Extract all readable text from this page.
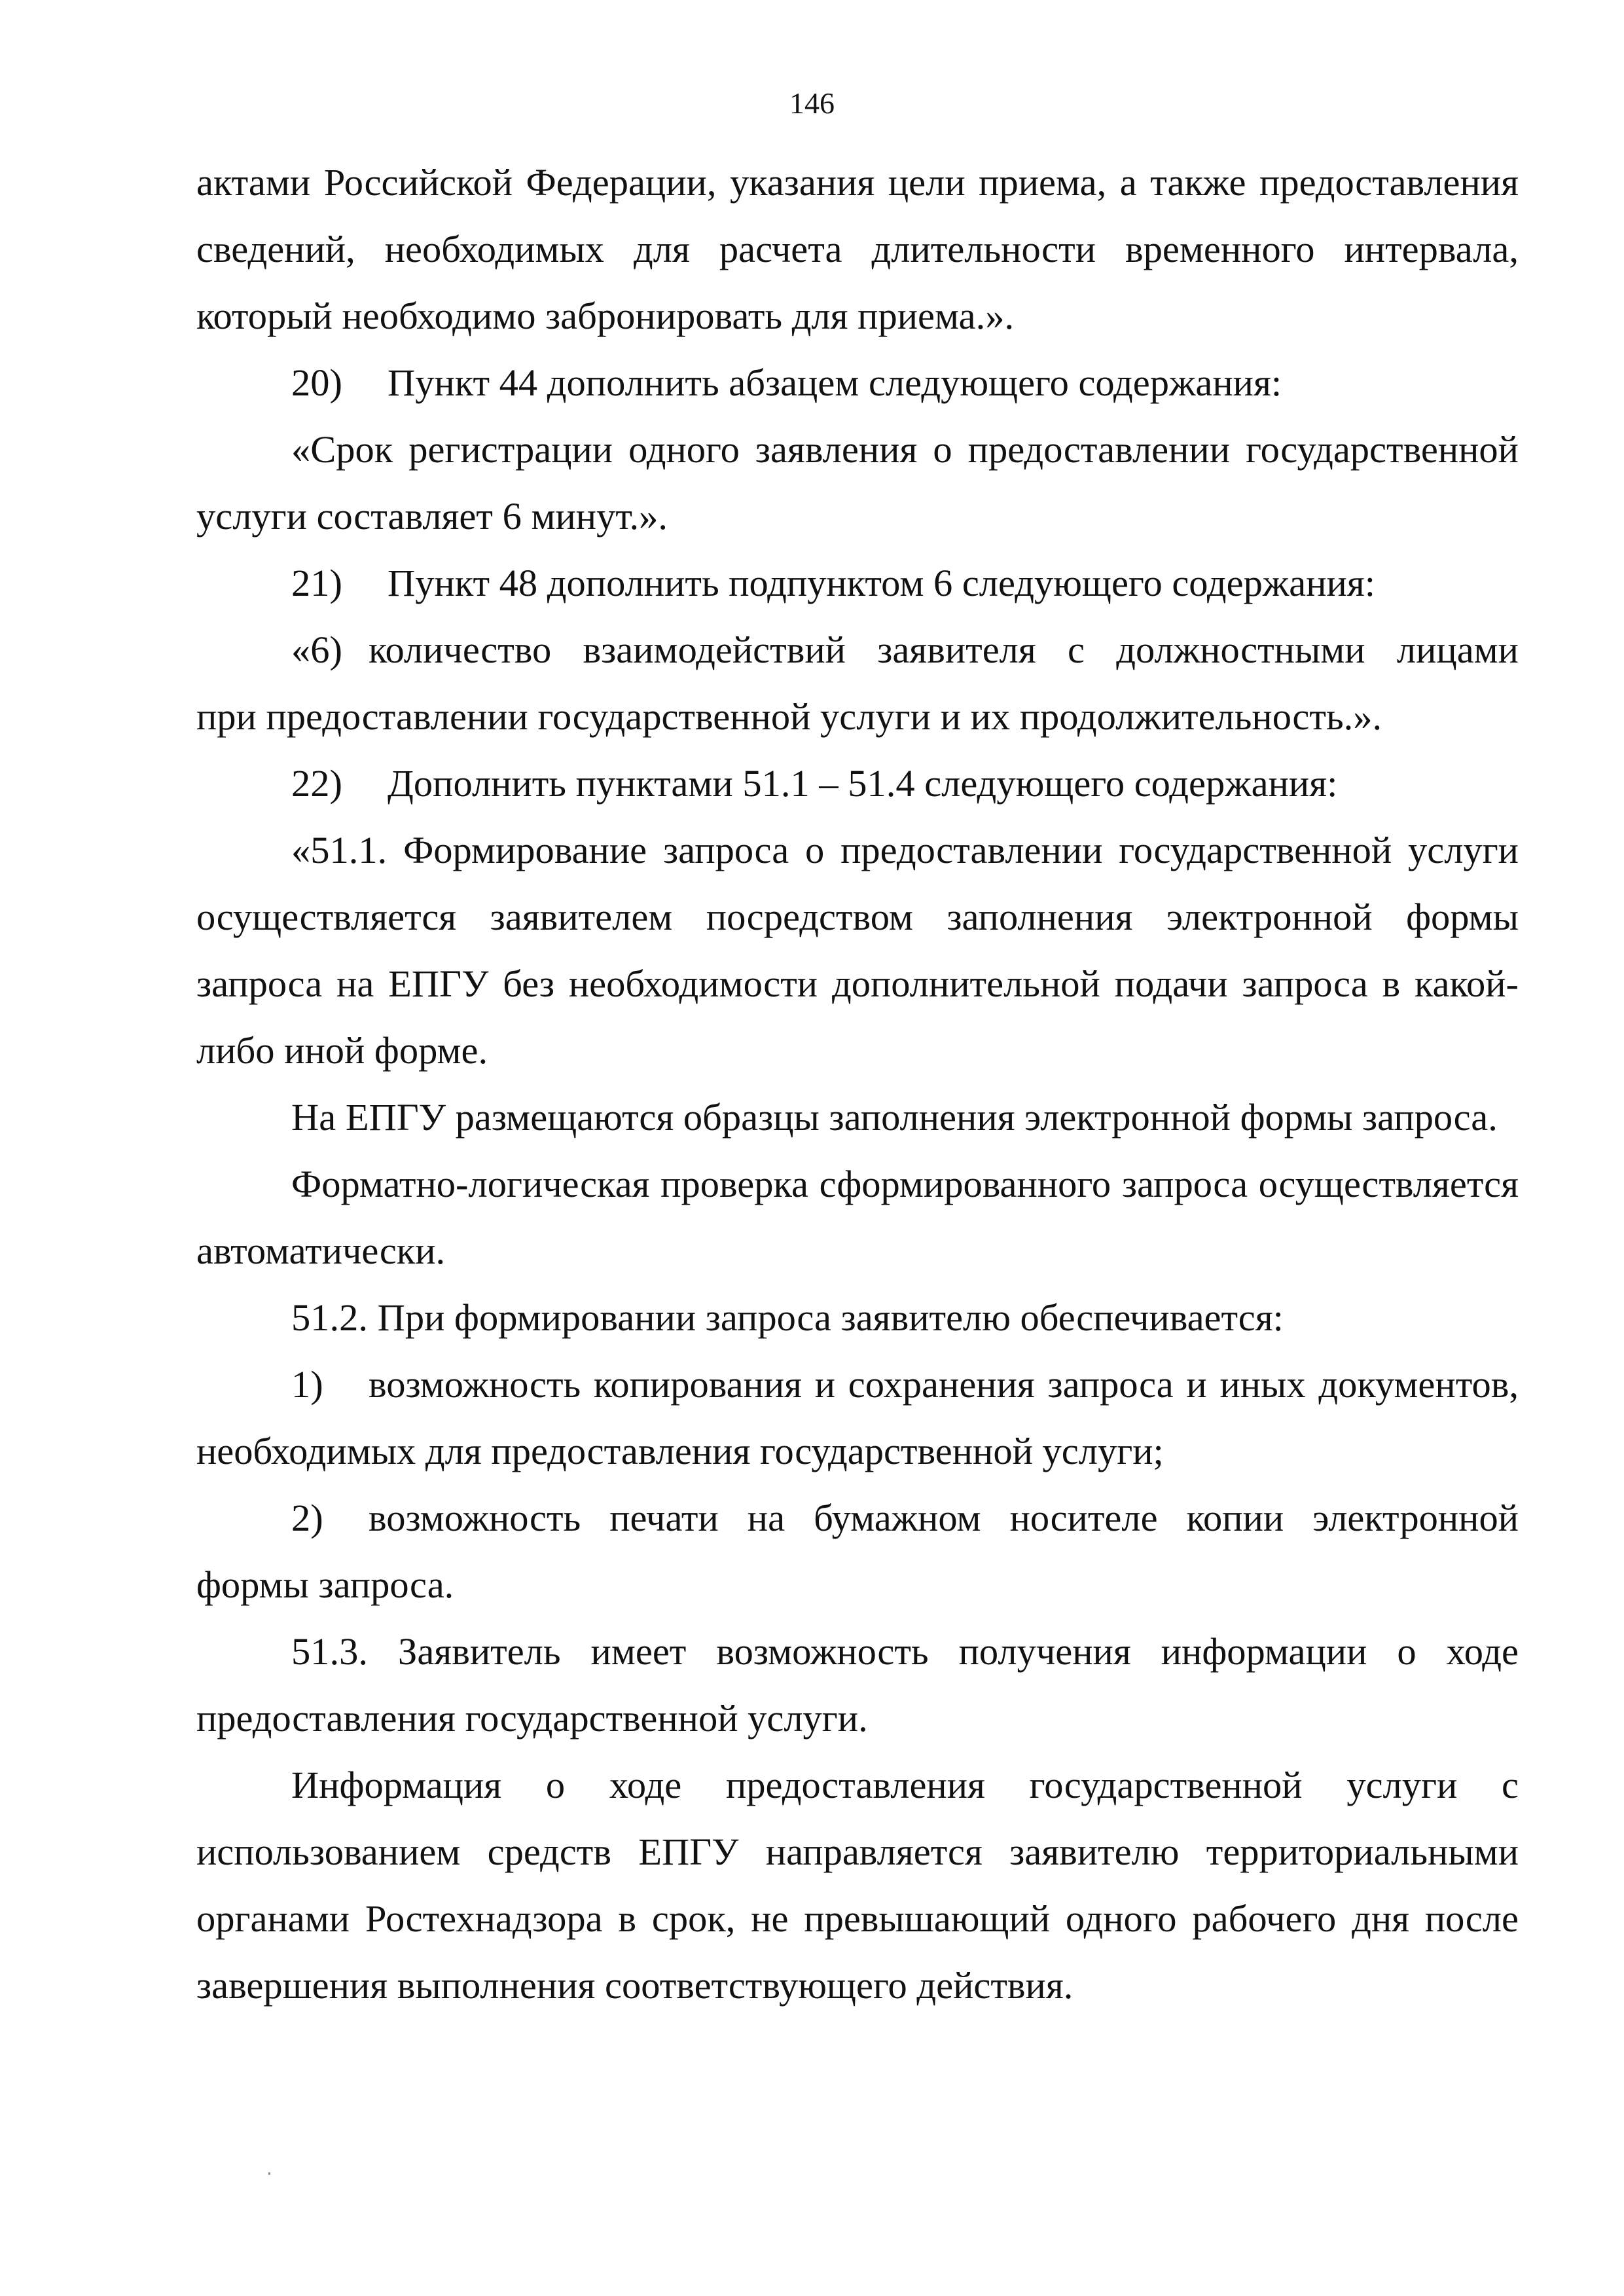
146

актами Российской Федерации, указания цели приема, а также предоставления сведений, необходимых для расчета длительности временного интервала, который необходимо забронировать для приема.».

20)	Пункт 44 дополнить абзацем следующего содержания:

«Срок регистрации одного заявления о предоставлении государственной услуги составляет 6 минут.».

21)	Пункт 48 дополнить подпунктом 6 следующего содержания:
«6) количество взаимодействий заявителя с должностными лицами
при предоставлении государственной услуги и их продолжительность.».
22)	Дополнить пунктами 51.1 – 51.4 следующего содержания:

«51.1. Формирование запроса о предоставлении государственной услуги осуществляется заявителем посредством заполнения электронной формы запроса на ЕПГУ без необходимости дополнительной подачи запроса в какой-либо иной форме.

На ЕПГУ размещаются образцы заполнения электронной формы запроса.

Форматно-логическая проверка сформированного запроса осуществляется автоматически.

51.2. При формировании запроса заявителю обеспечивается:

1)	возможность копирования и сохранения запроса и иных документов,
необходимых для предоставления государственной услуги;
2)	возможность печати на бумажном носителе копии электронной
формы запроса.

51.3. Заявитель имеет возможность получения информации о ходе предоставления государственной услуги.

Информация о ходе предоставления государственной услуги с использованием средств ЕПГУ направляется заявителю территориальными органами Ростехнадзора в срок, не превышающий одного рабочего дня после завершения выполнения соответствующего действия.
